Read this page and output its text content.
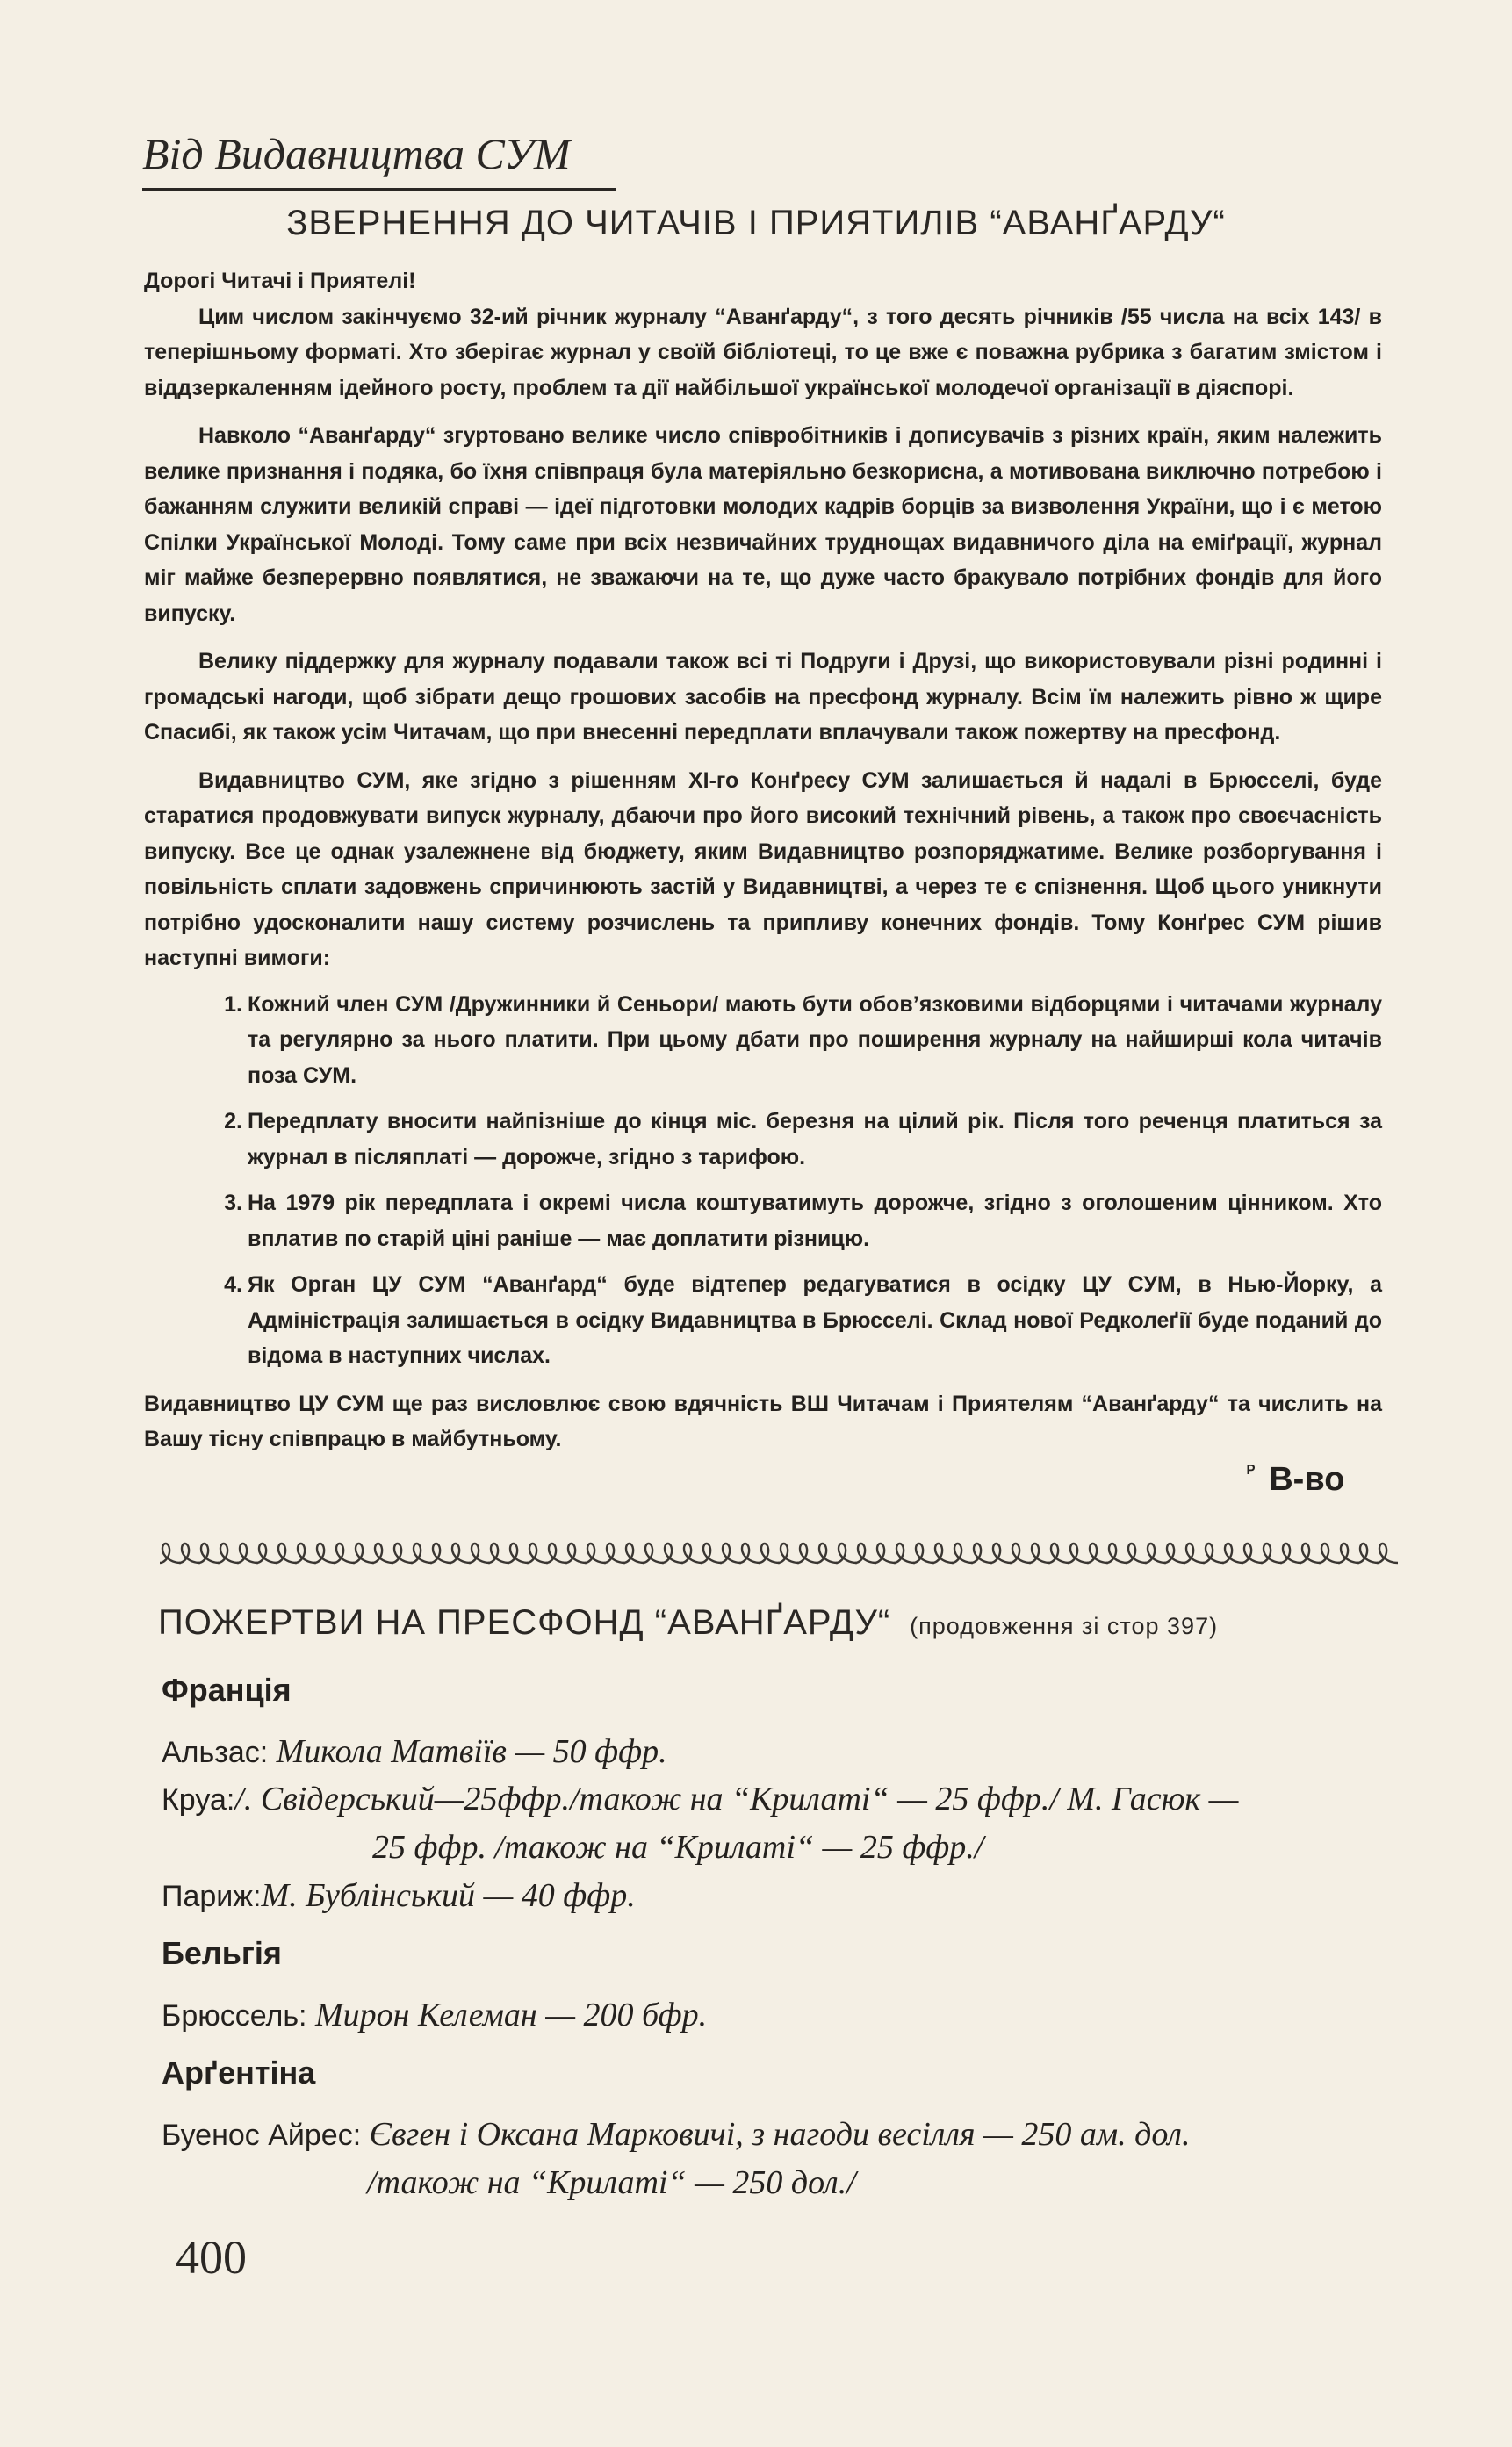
Від Видавництва СУМ
ЗВЕРНЕННЯ ДО ЧИТАЧІВ І ПРИЯТИЛІВ “АВАНҐАРДУ“

Дорогі Читачі і Приятелі!

Цим числом закінчуємо 32-ий річник журналу “Аванґарду“, з того десять річників /55 числа на всіх 143/ в теперішньому форматі. Хто зберігає журнал у своїй бібліотеці, то це вже є поважна рубрика з багатим змістом і віддзеркаленням ідейного росту, проблем та дії найбільшої української молодечої організації в діяспорі.

Навколо “Аванґарду“ згуртовано велике число співробітників і дописувачів з різних країн, яким належить велике признання і подяка, бо їхня співпраця була матеріяльно безкорисна, а мотивована виключно потребою і бажанням служити великій справі — ідеї підготовки молодих кадрів борців за визволення України, що і є метою Спілки Української Молоді. Тому саме при всіх незвичайних труднощах видавничого діла на еміґрації, журнал міг майже безперервно появлятися, не зважаючи на те, що дуже часто бракувало потрібних фондів для його випуску.

Велику піддержку для журналу подавали також всі ті Подруги і Друзі, що використовували різні родинні і громадські нагоди, щоб зібрати дещо грошових засобів на пресфонд журналу. Всім їм належить рівно ж щире Спасибі, як також усім Читачам, що при внесенні передплати вплачували також пожертву на пресфонд.

Видавництво СУМ, яке згідно з рішенням XI-го Конґресу СУМ залишається й надалі в Брюсселі, буде старатися продовжувати випуск журналу, дбаючи про його високий технічний рівень, а також про своєчасність випуску. Все це однак узалежнене від бюджету, яким Видавництво розпоряджатиме. Велике розборгування і повільність сплати задовжень спричинюють застій у Видавництві, а через те є спізнення. Щоб цього уникнути потрібно удосконалити нашу систему розчислень та припливу конечних фондів. Тому Конґрес СУМ рішив наступні вимоги:

1. Кожний член СУМ /Дружинники й Сеньори/ мають бути обов’язковими відборцями і читачами журналу та регулярно за нього платити. При цьому дбати про поширення журналу на найширші кола читачів поза СУМ.
2. Передплату вносити найпізніше до кінця міс. березня на цілий рік. Після того реченця платиться за журнал в післяплаті — дорожче, згідно з тарифою.
3. На 1979 рік передплата і окремі числа коштуватимуть дорожче, згідно з оголошеним цінником. Хто вплатив по старій ціні раніше — має доплатити різницю.
4. Як Орган ЦУ СУМ “Аванґард“ буде відтепер редагуватися в осідку ЦУ СУМ, в Нью-Йорку, а Адміністрація залишається в осідку Видавництва в Брюсселі. Склад нової Редколеґії буде поданий до відома в наступних числах.

Видавництво ЦУ СУМ ще раз висловлює свою вдячність ВШ Читачам і Приятелям “Аванґарду“ та числить на Вашу тісну співпрацю в майбутньому.

$^ᴾ$ В-во
ПОЖЕРТВИ НА ПРЕСФОНД “АВАНҐАРДУ“ (продовження зі стор 397)
Франція
Альзас: Микола Матвіїв — 50 ффр.
Круа:/. Свідерський—25ффр./також на “Крилаті“ — 25 ффр./ М. Гасюк —
25 ффр. /також на “Крилаті“ — 25 ффр./
Париж:М. Бублінський — 40 ффр.
Бельгія
Брюссель: Мирон Келеман — 200 бфр.
Арґентіна
Буенос Айрес: Євген і Оксана Марковичі, з нагоди весілля — 250 ам. дол.
/також на “Крилаті“ — 250 дол./
400
